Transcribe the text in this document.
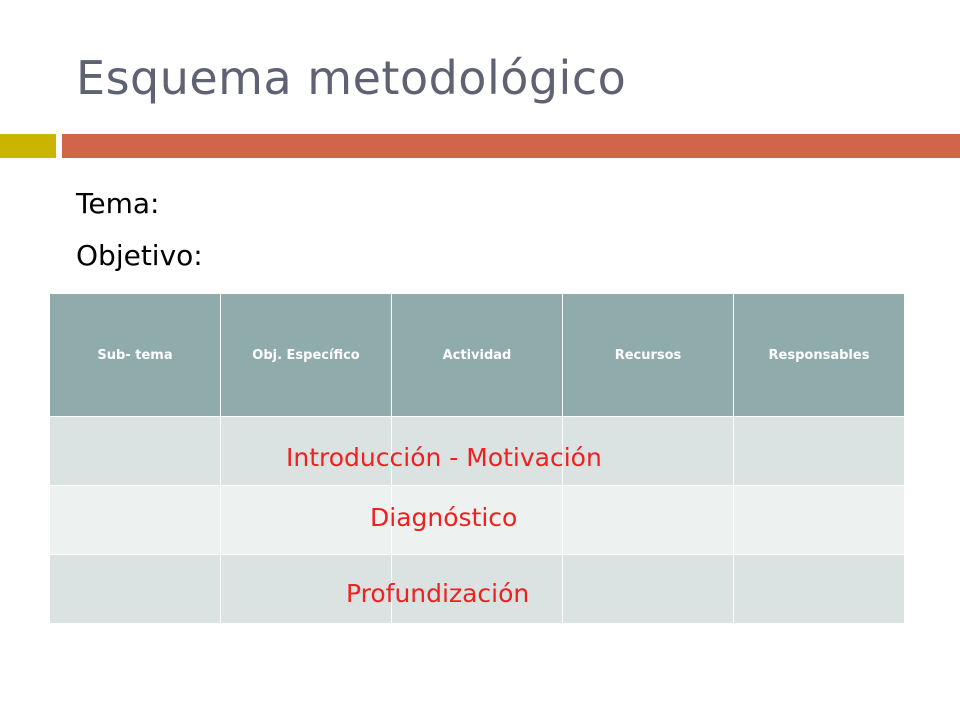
Esquema metodológico
Tema:
Objetivo:
Sub- tema	Obj. Específico	Actividad	Recursos	Responsables

Introducción - Motivación
Diagnóstico
Profundización
